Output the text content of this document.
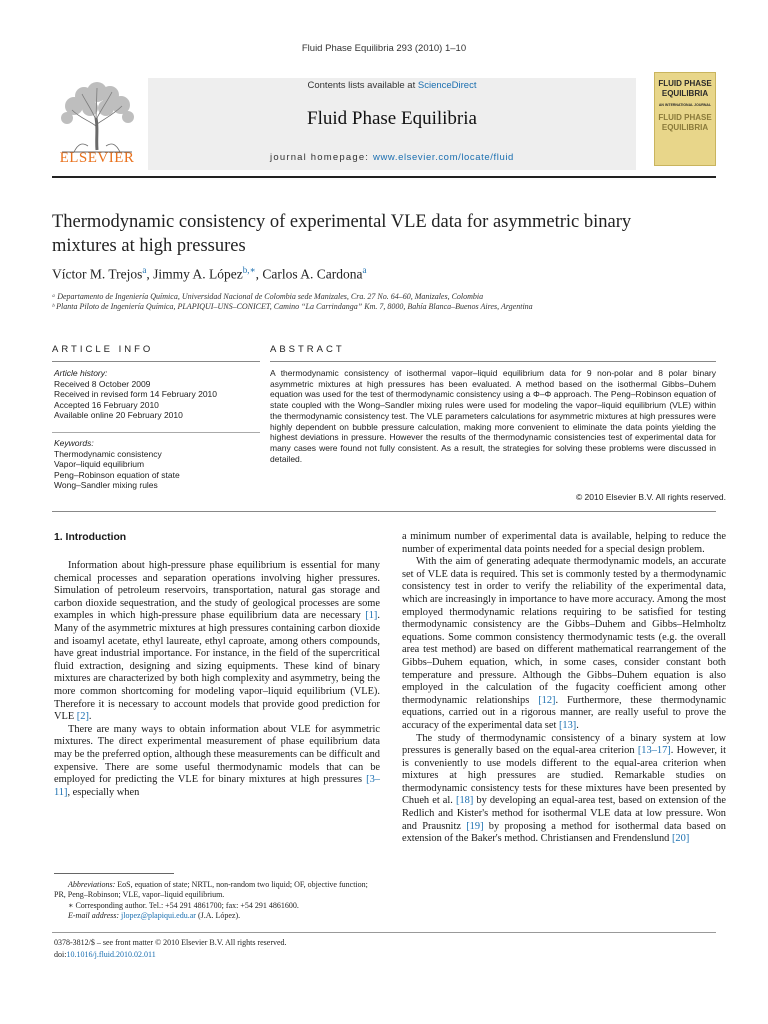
Fluid Phase Equilibria 293 (2010) 1–10
ELSEVIER
Contents lists available at ScienceDirect
Fluid Phase Equilibria
journal homepage: www.elsevier.com/locate/fluid
FLUID PHASE
EQUILIBRIA
AN INTERNATIONAL JOURNAL
FLUID PHASE
EQUILIBRIA
Thermodynamic consistency of experimental VLE data for asymmetric binary
mixtures at high pressures
Víctor M. Trejos$^a$, Jimmy A. López$^{b,∗}$, Carlos A. Cardona$^a$
ᵃ Departamento de Ingeniería Química, Universidad Nacional de Colombia sede Manizales, Cra. 27 No. 64–60, Manizales, Colombia
ᵇ Planta Piloto de Ingeniería Química, PLAPIQUI–UNS–CONICET, Camino “La Carrindanga” Km. 7, 8000, Bahía Blanca–Buenos Aires, Argentina
ARTICLE INFO	ABSTRACT
Article history:
Received 8 October 2009
Received in revised form 14 February 2010
Accepted 16 February 2010
Available online 20 February 2010
Keywords:
Thermodynamic consistency
Vapor–liquid equilibrium
Peng–Robinson equation of state
Wong–Sandler mixing rules
A thermodynamic consistency of isothermal vapor–liquid equilibrium data for 9 non-polar and 8 polar binary asymmetric mixtures at high pressures has been evaluated. A method based on the isothermal Gibbs–Duhem equation was used for the test of thermodynamic consistency using a Φ–Φ approach. The Peng–Robinson equation of state coupled with the Wong–Sandler mixing rules were used for modeling the vapor–liquid equilibrium (VLE) within the thermodynamic consistency test. The VLE parameters calculations for asymmetric mixtures at high pressures were highly dependent on bubble pressure calculation, making more convenient to eliminate the data points yielding the highest deviations in pressure. However the results of the thermodynamic consistencies test of experimental data for many cases were found not fully consistent. As a result, the strategies for solving these problems were discussed in detailed.
© 2010 Elsevier B.V. All rights reserved.
1. Introduction

Information about high-pressure phase equilibrium is essential for many chemical processes and separation operations involving higher pressures. Simulation of petroleum reservoirs, transportation, natural gas storage and carbon dioxide sequestration, and the study of geological processes are some examples in which high-pressure phase equilibrium data are necessary [1]. Many of the asymmetric mixtures at high pressures containing carbon dioxide and isoamyl acetate, ethyl laureate, ethyl caproate, among others compounds, have great industrial importance. For instance, in the field of the supercritical fluid extraction, designing and sizing equipments. These kind of binary mixtures are characterized by both high complexity and asymmetry, being the more common shortcoming for modeling vapor–liquid equilibrium (VLE). Therefore it is necessary to account models that provide good prediction for VLE [2].

There are many ways to obtain information about VLE for asymmetric mixtures. The direct experimental measurement of phase equilibrium data may be the preferred option, although these measurements can be difficult and expensive. There are some useful thermodynamic models that can be employed for predicting the VLE for binary mixtures at high pressures [3–11], especially when

a minimum number of experimental data is available, helping to reduce the number of experimental data points needed for a special design problem.

With the aim of generating adequate thermodynamic models, an accurate set of VLE data is required. This set is commonly tested by a thermodynamic consistency test in order to verify the reliability of the experimental data, which are increasingly in importance to have more accuracy. Among the most employed thermodynamic relations requiring to be satisfied for testing thermodynamic consistency are the Gibbs–Duhem and Gibbs–Helmholtz equations. Some common consistency thermodynamic tests (e.g. the overall area test method) are based on different mathematical rearrangement of the Gibbs–Duhem equation, which, in some cases, consider constant both temperature and pressure. Although the Gibbs–Duhem equation is also employed in the calculation of the fugacity coefficient among other thermodynamic relationships [12]. Furthermore, these thermodynamic equations, carried out in a rigorous manner, are really useful to prove the accuracy of the experimental data set [13].

The study of thermodynamic consistency of a binary system at low pressures is generally based on the equal-area criterion [13–17]. However, it is conveniently to use models different to the equal-area criterion when mixtures at high pressures are studied. Remarkable studies on thermodynamic consistency tests for these mixtures have been presented by Chueh et al. [18] by developing an equal-area test, based on extension of the Redlich and Kister's method for isothermal VLE data at low pressure. Won and Prausnitz [19] by proposing a method for isothermal data based on extension of the Baker's method. Christiansen and Frendenslund [20]

Abbreviations: EoS, equation of state; NRTL, non-random two liquid; OF, objective function; PR, Peng–Robinson; VLE, vapor–liquid equilibrium.

∗ Corresponding author. Tel.: +54 291 4861700; fax: +54 291 4861600.

E-mail address: jlopez@plapiqui.edu.ar (J.A. López).

0378-3812/$ – see front matter © 2010 Elsevier B.V. All rights reserved.
doi:10.1016/j.fluid.2010.02.011
